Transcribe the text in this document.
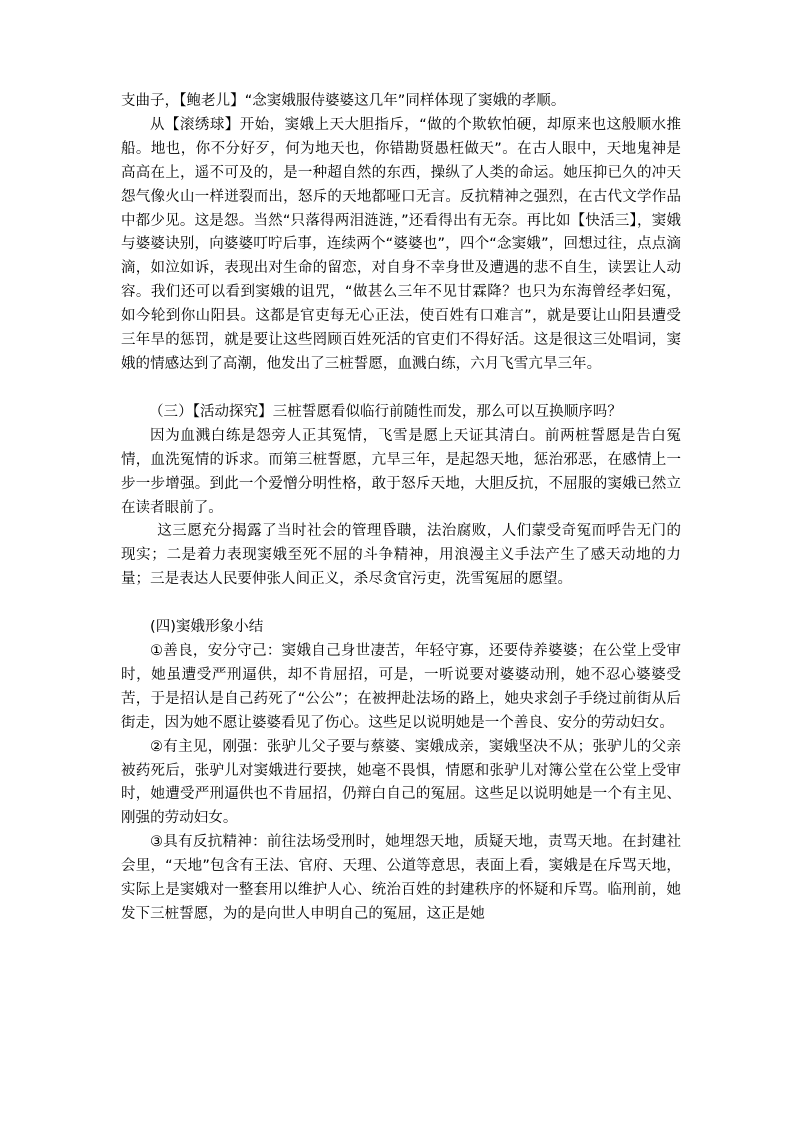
支曲子，【鲍老儿】“念窦娥服侍婆婆这几年”同样体现了窦娥的孝顺。

从【滚绣球】开始，窦娥上天大胆指斥，“做的个欺软怕硬，却原来也这般顺水推船。地也，你不分好歹，何为地天也，你错勘贤愚枉做天”。在古人眼中，天地鬼神是高高在上，遥不可及的，是一种超自然的东西，操纵了人类的命运。她压抑已久的冲天怨气像火山一样迸裂而出，怒斥的天地都哑口无言。反抗精神之强烈，在古代文学作品中都少见。这是怨。当然“只落得两泪涟涟，”还看得出有无奈。再比如【快活三】，窦娥与婆婆诀别，向婆婆叮咛后事，连续两个“婆婆也”，四个“念窦娥”，回想过往，点点滴滴，如泣如诉，表现出对生命的留恋，对自身不幸身世及遭遇的悲不自生，读罢让人动容。我们还可以看到窦娥的诅咒，“做甚么三年不见甘霖降？也只为东海曾经孝妇冤，如今轮到你山阳县。这都是官吏每无心正法，使百姓有口难言”，就是要让山阳县遭受三年旱的惩罚，就是要让这些罔顾百姓死活的官吏们不得好活。这是很这三处唱词，窦娥的情感达到了高潮，他发出了三桩誓愿，血溅白练，六月飞雪亢旱三年。

（三）【活动探究】三桩誓愿看似临行前随性而发，那么可以互换顺序吗？

因为血溅白练是怨旁人正其冤情，飞雪是愿上天证其清白。前两桩誓愿是告白冤情，血洗冤情的诉求。而第三桩誓愿，亢旱三年，是起怨天地，惩治邪恶，在感情上一步一步增强。到此一个爱憎分明性格，敢于怒斥天地，大胆反抗，不屈服的窦娥已然立在读者眼前了。

这三愿充分揭露了当时社会的管理昏聩，法治腐败，人们蒙受奇冤而呼告无门的现实；二是着力表现窦娥至死不屈的斗争精神，用浪漫主义手法产生了感天动地的力量；三是表达人民要伸张人间正义，杀尽贪官污吏，洗雪冤屈的愿望。

(四)窦娥形象小结

①善良，安分守己：窦娥自己身世凄苦，年轻守寡，还要侍养婆婆；在公堂上受审时，她虽遭受严刑逼供，却不肯屈招，可是，一听说要对婆婆动刑，她不忍心婆婆受苦，于是招认是自己药死了“公公”；在被押赴法场的路上，她央求刽子手绕过前街从后街走，因为她不愿让婆婆看见了伤心。这些足以说明她是一个善良、安分的劳动妇女。

②有主见，刚强：张驴儿父子要与蔡婆、窦娥成亲，窦娥坚决不从；张驴儿的父亲被药死后，张驴儿对窦娥进行要挟，她毫不畏惧，情愿和张驴儿对簿公堂在公堂上受审时，她遭受严刑逼供也不肯屈招，仍辩白自己的冤屈。这些足以说明她是一个有主见、刚强的劳动妇女。

③具有反抗精神：前往法场受刑时，她埋怨天地，质疑天地，责骂天地。在封建社会里，“天地”包含有王法、官府、天理、公道等意思，表面上看，窦娥是在斥骂天地，实际上是窦娥对一整套用以维护人心、统治百姓的封建秩序的怀疑和斥骂。临刑前，她发下三桩誓愿，为的是向世人申明自己的冤屈，这正是她
